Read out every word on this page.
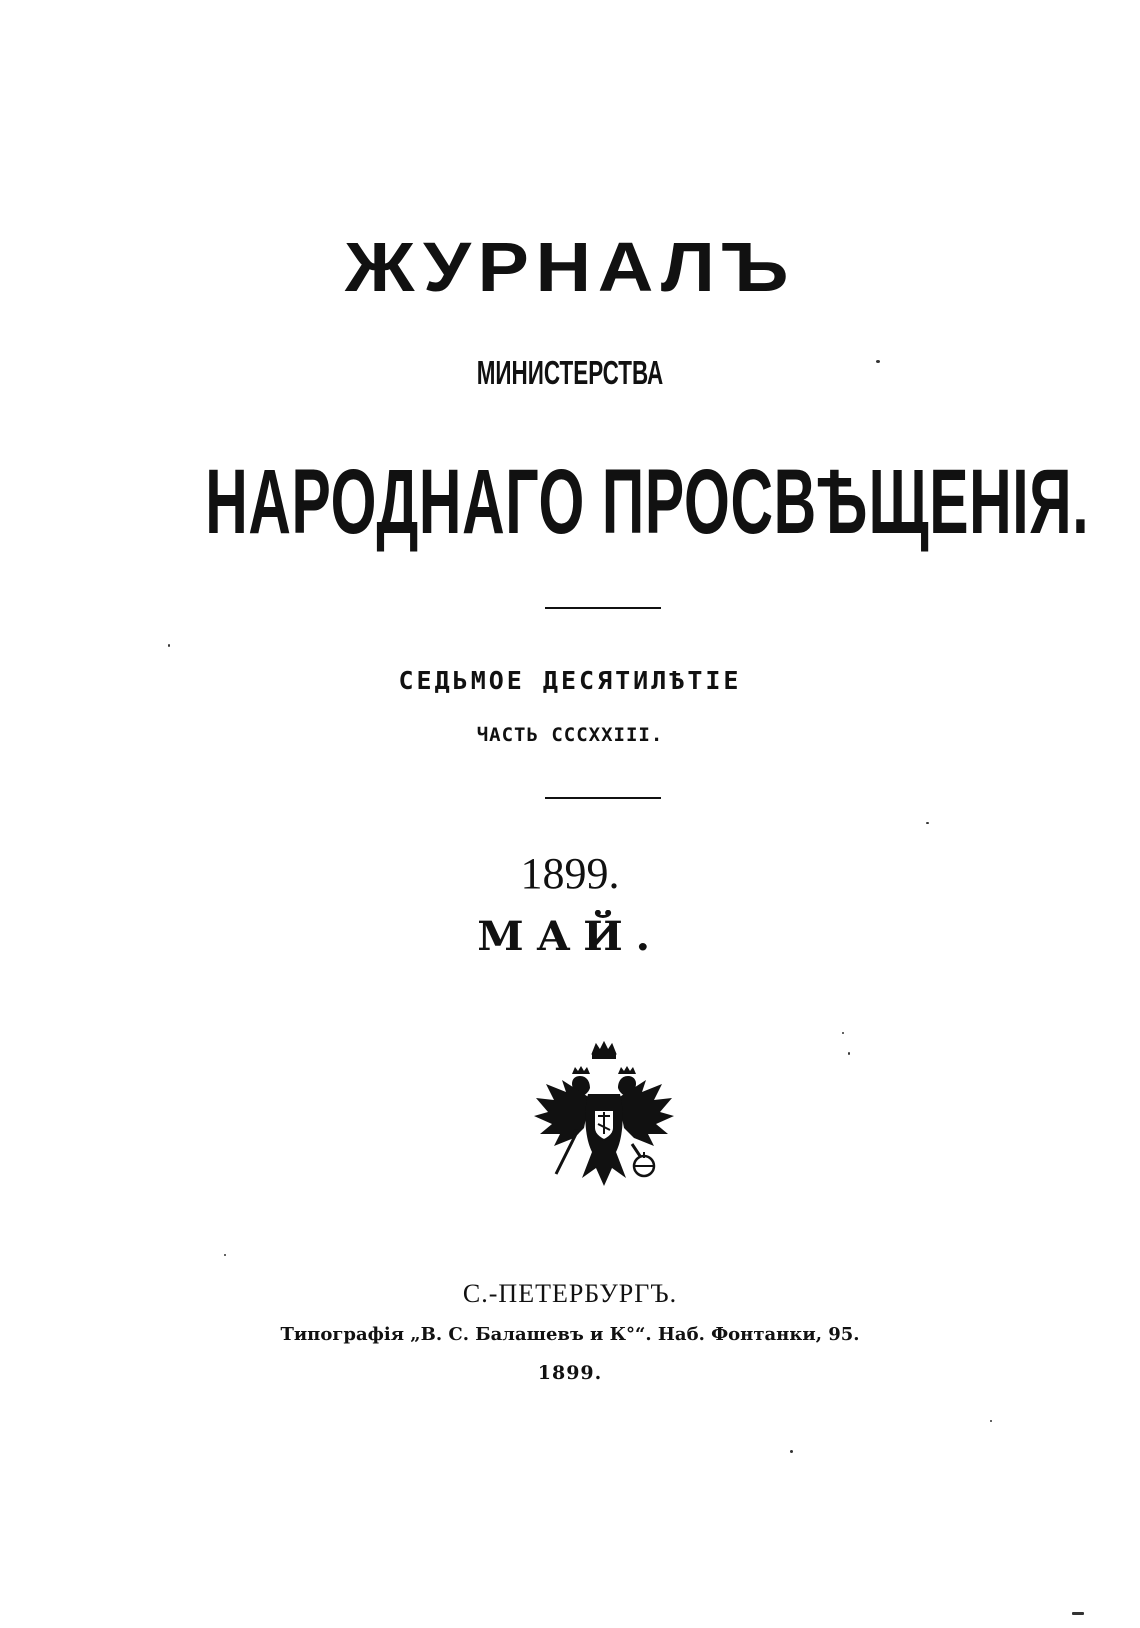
ЖУРНАЛЪ
МИНИСТЕРСТВА
НАРОДНАГО ПРОСВѢЩЕНІЯ.
СЕДЬМОЕ ДЕСЯТИЛѢТІЕ
ЧАСТЬ СССXXIII.
1899.
МАЙ.
С.-ПЕТЕРБУРГЪ.
Типографія „В. С. Балашевъ и К°“. Наб. Фонтанки, 95.
1899.
